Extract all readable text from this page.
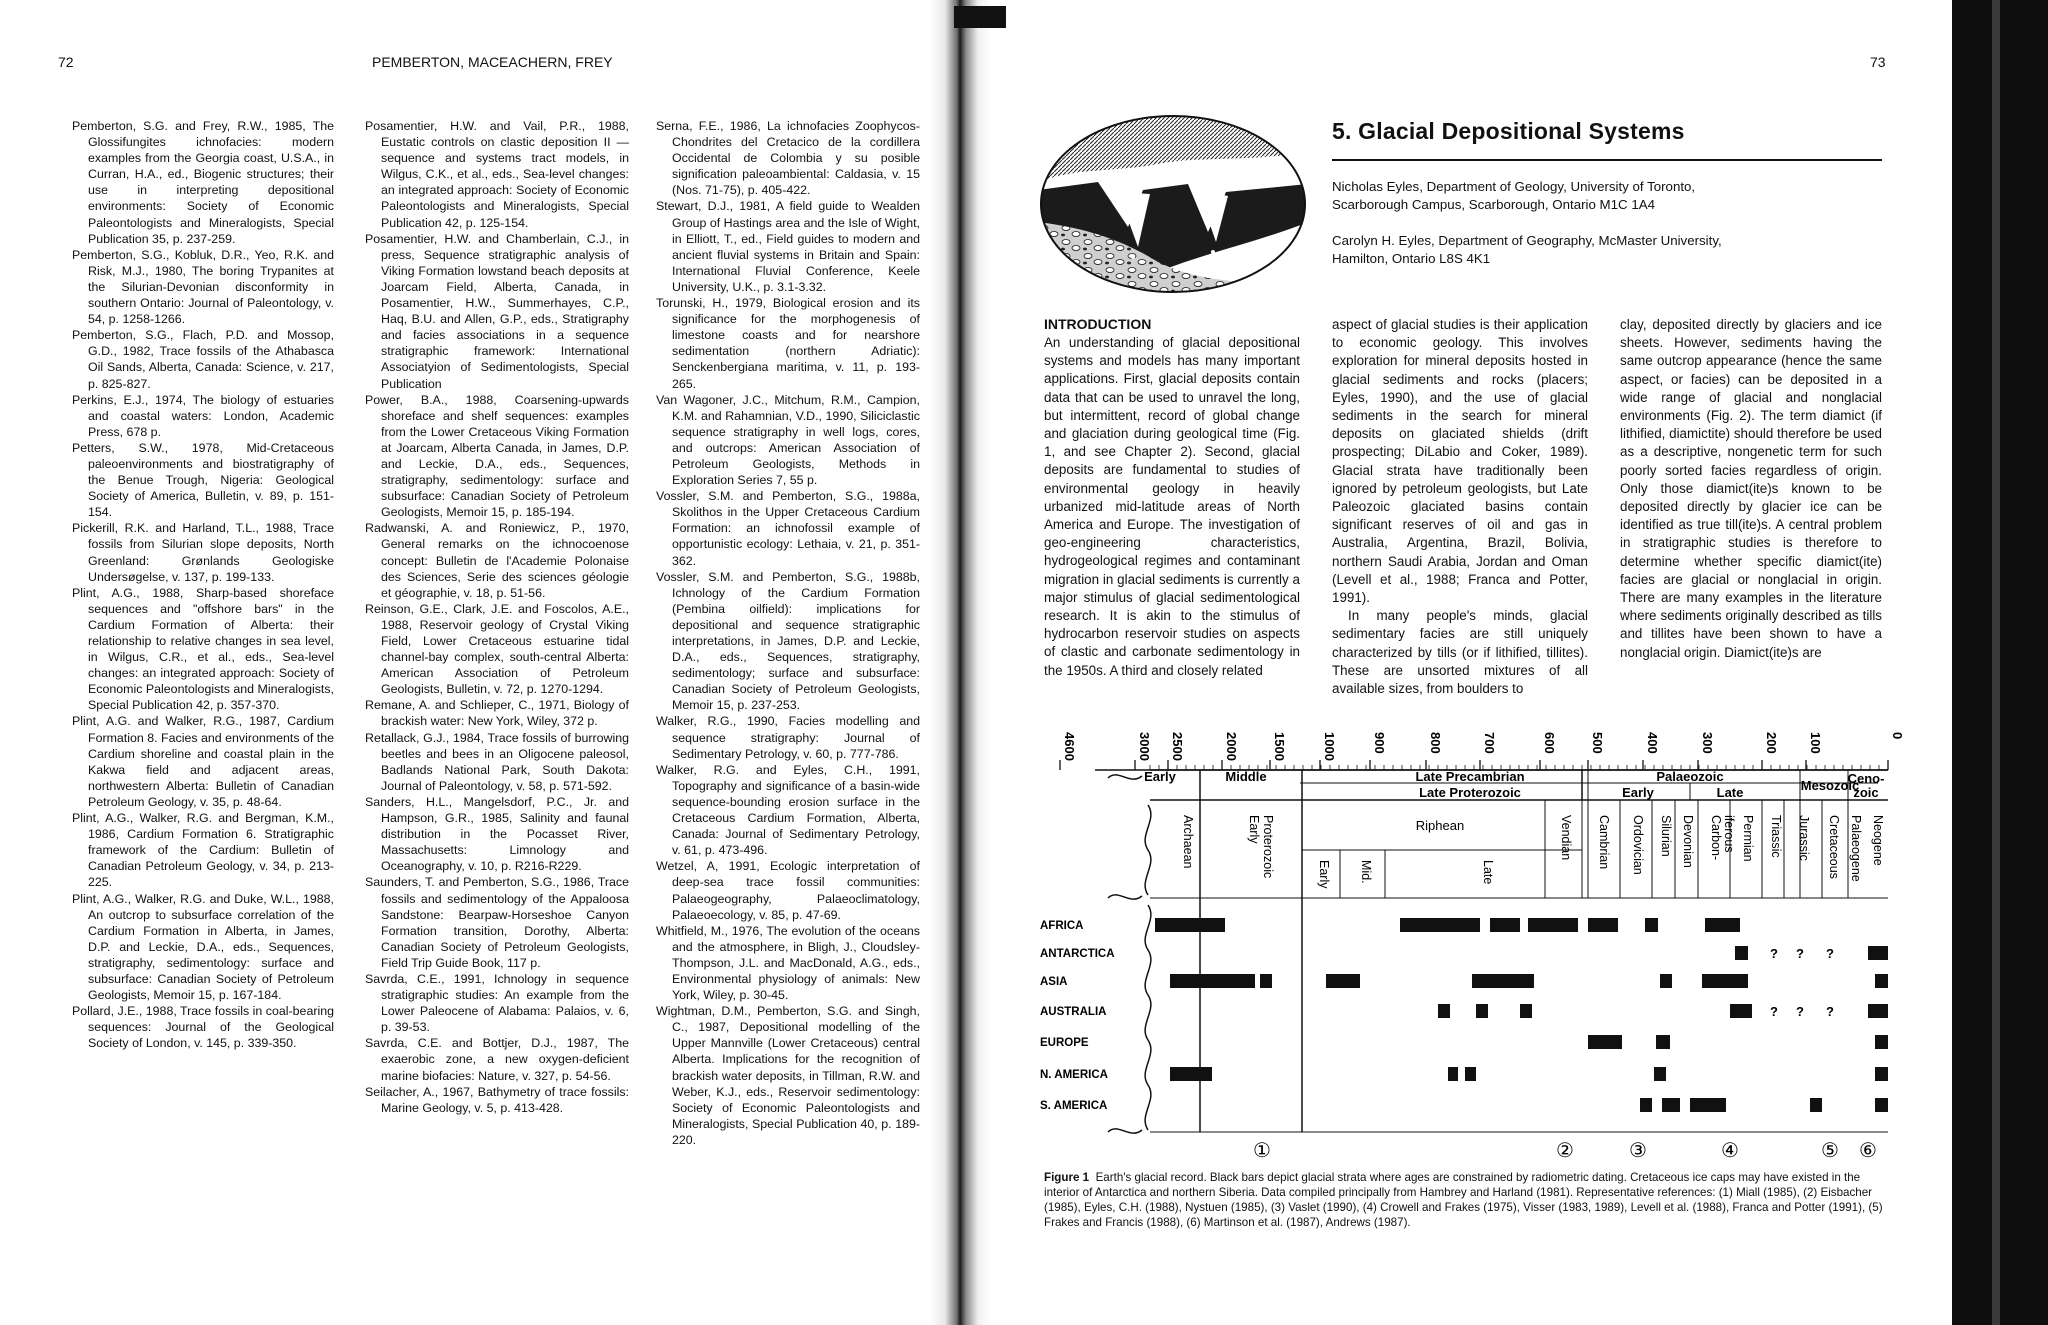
72	PEMBERTON, MACEACHERN, FREY
Pemberton, S.G. and Frey, R.W., 1985, The Glossifungites ichnofacies: modern examples from the Georgia coast, U.S.A., in Curran, H.A., ed., Biogenic structures; their use in interpreting depositional environments: Society of Economic Paleontologists and Mineralogists, Special Publication 35, p. 237-259.
Pemberton, S.G., Kobluk, D.R., Yeo, R.K. and Risk, M.J., 1980, The boring Trypanites at the Silurian-Devonian disconformity in southern Ontario: Journal of Paleontology, v. 54, p. 1258-1266.
Pemberton, S.G., Flach, P.D. and Mossop, G.D., 1982, Trace fossils of the Athabasca Oil Sands, Alberta, Canada: Science, v. 217, p. 825-827.
Perkins, E.J., 1974, The biology of estuaries and coastal waters: London, Academic Press, 678 p.
Petters, S.W., 1978, Mid-Cretaceous paleoenvironments and biostratigraphy of the Benue Trough, Nigeria: Geological Society of America, Bulletin, v. 89, p. 151-154.
Pickerill, R.K. and Harland, T.L., 1988, Trace fossils from Silurian slope deposits, North Greenland: Grønlands Geologiske Undersøgelse, v. 137, p. 199-133.
Plint, A.G., 1988, Sharp-based shoreface sequences and "offshore bars" in the Cardium Formation of Alberta: their relationship to relative changes in sea level, in Wilgus, C.R., et al., eds., Sea-level changes: an integrated approach: Society of Economic Paleontologists and Mineralogists, Special Publication 42, p. 357-370.
Plint, A.G. and Walker, R.G., 1987, Cardium Formation 8. Facies and environments of the Cardium shoreline and coastal plain in the Kakwa field and adjacent areas, northwestern Alberta: Bulletin of Canadian Petroleum Geology, v. 35, p. 48-64.
Plint, A.G., Walker, R.G. and Bergman, K.M., 1986, Cardium Formation 6. Stratigraphic framework of the Cardium: Bulletin of Canadian Petroleum Geology, v. 34, p. 213-225.
Plint, A.G., Walker, R.G. and Duke, W.L., 1988, An outcrop to subsurface correlation of the Cardium Formation in Alberta, in James, D.P. and Leckie, D.A., eds., Sequences, stratigraphy, sedimentology: surface and subsurface: Canadian Society of Petroleum Geologists, Memoir 15, p. 167-184.
Pollard, J.E., 1988, Trace fossils in coal-bearing sequences: Journal of the Geological Society of London, v. 145, p. 339-350.
Posamentier, H.W. and Vail, P.R., 1988, Eustatic controls on clastic deposition II — sequence and systems tract models, in Wilgus, C.K., et al., eds., Sea-level changes: an integrated approach: Society of Economic Paleontologists and Mineralogists, Special Publication 42, p. 125-154.
Posamentier, H.W. and Chamberlain, C.J., in press, Sequence stratigraphic analysis of Viking Formation lowstand beach deposits at Joarcam Field, Alberta, Canada, in Posamentier, H.W., Summerhayes, C.P., Haq, B.U. and Allen, G.P., eds., Stratigraphy and facies associations in a sequence stratigraphic framework: International Associatyion of Sedimentologists, Special Publication
Power, B.A., 1988, Coarsening-upwards shoreface and shelf sequences: examples from the Lower Cretaceous Viking Formation at Joarcam, Alberta Canada, in James, D.P. and Leckie, D.A., eds., Sequences, stratigraphy, sedimentology: surface and subsurface: Canadian Society of Petroleum Geologists, Memoir 15, p. 185-194.
Radwanski, A. and Roniewicz, P., 1970, General remarks on the ichnocoenose concept: Bulletin de l'Academie Polonaise des Sciences, Serie des sciences géologie et géographie, v. 18, p. 51-56.
Reinson, G.E., Clark, J.E. and Foscolos, A.E., 1988, Reservoir geology of Crystal Viking Field, Lower Cretaceous estuarine tidal channel-bay complex, south-central Alberta: American Association of Petroleum Geologists, Bulletin, v. 72, p. 1270-1294.
Remane, A. and Schlieper, C., 1971, Biology of brackish water: New York, Wiley, 372 p.
Retallack, G.J., 1984, Trace fossils of burrowing beetles and bees in an Oligocene paleosol, Badlands National Park, South Dakota: Journal of Paleontology, v. 58, p. 571-592.
Sanders, H.L., Mangelsdorf, P.C., Jr. and Hampson, G.R., 1985, Salinity and faunal distribution in the Pocasset River, Massachusetts: Limnology and Oceanography, v. 10, p. R216-R229.
Saunders, T. and Pemberton, S.G., 1986, Trace fossils and sedimentology of the Appaloosa Sandstone: Bearpaw-Horseshoe Canyon Formation transition, Dorothy, Alberta: Canadian Society of Petroleum Geologists, Field Trip Guide Book, 117 p.
Savrda, C.E., 1991, Ichnology in sequence stratigraphic studies: An example from the Lower Paleocene of Alabama: Palaios, v. 6, p. 39-53.
Savrda, C.E. and Bottjer, D.J., 1987, The exaerobic zone, a new oxygen-deficient marine biofacies: Nature, v. 327, p. 54-56.
Seilacher, A., 1967, Bathymetry of trace fossils: Marine Geology, v. 5, p. 413-428.
Serna, F.E., 1986, La ichnofacies Zoophycos-Chondrites del Cretacico de la cordillera Occidental de Colombia y su posible signification paleoambiental: Caldasia, v. 15 (Nos. 71-75), p. 405-422.
Stewart, D.J., 1981, A field guide to Wealden Group of Hastings area and the Isle of Wight, in Elliott, T., ed., Field guides to modern and ancient fluvial systems in Britain and Spain: International Fluvial Conference, Keele University, U.K., p. 3.1-3.32.
Torunski, H., 1979, Biological erosion and its significance for the morphogenesis of limestone coasts and for nearshore sedimentation (northern Adriatic): Senckenbergiana maritima, v. 11, p. 193-265.
Van Wagoner, J.C., Mitchum, R.M., Campion, K.M. and Rahamnian, V.D., 1990, Siliciclastic sequence stratigraphy in well logs, cores, and outcrops: American Association of Petroleum Geologists, Methods in Exploration Series 7, 55 p.
Vossler, S.M. and Pemberton, S.G., 1988a, Skolithos in the Upper Cretaceous Cardium Formation: an ichnofossil example of opportunistic ecology: Lethaia, v. 21, p. 351-362.
Vossler, S.M. and Pemberton, S.G., 1988b, Ichnology of the Cardium Formation (Pembina oilfield): implications for depositional and sequence stratigraphic interpretations, in James, D.P. and Leckie, D.A., eds., Sequences, stratigraphy, sedimentology; surface and subsurface: Canadian Society of Petroleum Geologists, Memoir 15, p. 237-253.
Walker, R.G., 1990, Facies modelling and sequence stratigraphy: Journal of Sedimentary Petrology, v. 60, p. 777-786.
Walker, R.G. and Eyles, C.H., 1991, Topography and significance of a basin-wide sequence-bounding erosion surface in the Cretaceous Cardium Formation, Alberta, Canada: Journal of Sedimentary Petrology, v. 61, p. 473-496.
Wetzel, A, 1991, Ecologic interpretation of deep-sea trace fossil communities: Palaeogeography, Palaeoclimatology, Palaeoecology, v. 85, p. 47-69.
Whitfield, M., 1976, The evolution of the oceans and the atmosphere, in Bligh, J., Cloudsley-Thompson, J.L. and MacDonald, A.G., eds., Environmental physiology of animals: New York, Wiley, p. 30-45.
Wightman, D.M., Pemberton, S.G. and Singh, C., 1987, Depositional modelling of the Upper Mannville (Lower Cretaceous) central Alberta. Implications for the recognition of brackish water deposits, in Tillman, R.W. and Weber, K.J., eds., Reservoir sedimentology: Society of Economic Paleontologists and Mineralogists, Special Publication 40, p. 189-220.
73
5. Glacial Depositional Systems
Nicholas Eyles, Department of Geology, University of Toronto,
Scarborough Campus, Scarborough, Ontario M1C 1A4
Carolyn H. Eyles, Department of Geography, McMaster University,
Hamilton, Ontario L8S 4K1
INTRODUCTION

An understanding of glacial depositional systems and models has many important applications. First, glacial deposits contain data that can be used to unravel the long, but intermittent, record of global change and glaciation during geological time (Fig. 1, and see Chapter 2). Second, glacial deposits are fundamental to studies of environmental geology in heavily urbanized mid-latitude areas of North America and Europe. The investigation of geo-engineering characteristics, hydrogeological regimes and contaminant migration in glacial sediments is currently a major stimulus of glacial sedimentological research. It is akin to the stimulus of hydrocarbon reservoir studies on aspects of clastic and carbonate sedimentology in the 1950s. A third and closely related

aspect of glacial studies is their application to economic geology. This involves exploration for mineral deposits hosted in glacial sediments and rocks (placers; Eyles, 1990), and the use of glacial sediments in the search for mineral deposits on glaciated shields (drift prospecting; DiLabio and Coker, 1989). Glacial strata have traditionally been ignored by petroleum geologists, but Late Paleozoic glaciated basins contain significant reserves of oil and gas in Australia, Argentina, Brazil, Bolivia, northern Saudi Arabia, Jordan and Oman (Levell et al., 1988; Franca and Potter, 1991).

In many people's minds, glacial sedimentary facies are still uniquely characterized by tills (or if lithified, tillites). These are unsorted mixtures of all available sizes, from boulders to

clay, deposited directly by glaciers and ice sheets. However, sediments having the same outcrop appearance (hence the same aspect, or facies) can be deposited in a wide range of glacial and nonglacial environments (Fig. 2). The term diamict (if lithified, diamictite) should therefore be used as a descriptive, nongenetic term for such poorly sorted facies regardless of origin. Only those diamict(ite)s known to be deposited directly by glacier ice can be identified as true till(ite)s. A central problem in stratigraphic studies is therefore to determine whether specific diamict(ite) facies are glacial or nonglacial in origin. There are many examples in the literature where sediments originally described as tills and tillites have been shown to have a nonglacial origin. Diamict(ite)s are

4600	3000 2500	2000	1500	1000	900	800	700	600	500	400	300	200 100	0
Early	Middle	Late Precambrian
Late Proterozoic
Palaeozoic
Early	Late	Mesozoic
Ceno-zoic
Archaean	EarlyProterozoic	Riphean
Early Mid.	Late
Vendian Cambrian Ordovician Silurian Devonian Carbon-iferous Permian Triassic Jurassic Cretaceous Palaeogene Neogene
AFRICA
ANTARCTICA
ASIA
AUSTRALIA
EUROPE
N. AMERICA
S. AMERICA
? ? ?
? ? ?
①	②	③	④	⑤ ⑥
Figure 1 Earth's glacial record. Black bars depict glacial strata where ages are constrained by radiometric dating. Cretaceous ice caps may have existed in the interior of Antarctica and northern Siberia. Data compiled principally from Hambrey and Harland (1981). Representative references: (1) Miall (1985), (2) Eisbacher (1985), Eyles, C.H. (1988), Nystuen (1985), (3) Vaslet (1990), (4) Crowell and Frakes (1975), Visser (1983, 1989), Levell et al. (1988), Franca and Potter (1991), (5) Frakes and Francis (1988), (6) Martinson et al. (1987), Andrews (1987).
